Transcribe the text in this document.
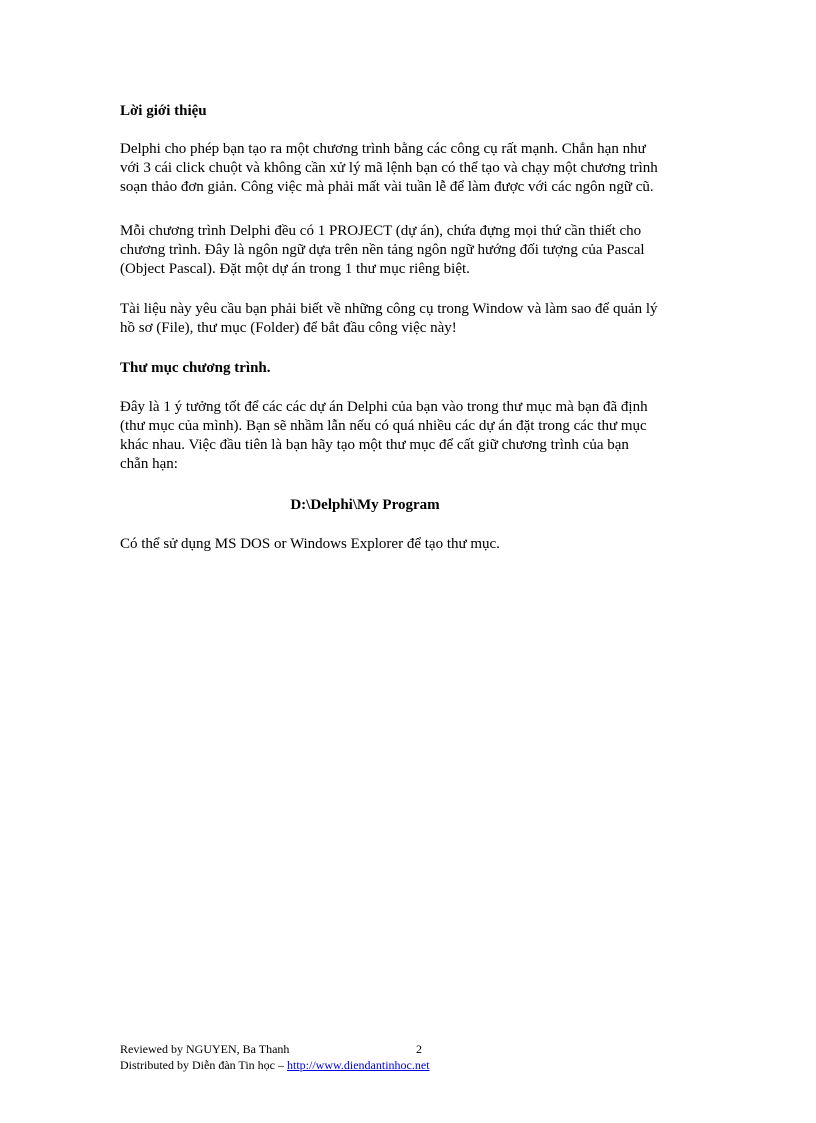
Lời giới thiệu
Delphi cho phép bạn tạo ra một chương trình bằng các công cụ rất mạnh. Chẳn hạn như
với 3 cái click chuột và không cần xử lý mã lệnh bạn có thể tạo và chạy một chương trình
soạn thảo đơn giản. Công việc mà phải mất vài tuần lễ để làm được với các ngôn ngữ cũ.
Mỗi chương trình Delphi đều có 1 PROJECT (dự án), chứa đựng mọi thứ cần thiết cho
chương trình. Đây là ngôn ngữ dựa trên nền tảng ngôn ngữ hướng đối tượng của Pascal
(Object Pascal). Đặt một dự án trong 1 thư mục riêng biệt.
Tài liệu này yêu cầu bạn phải biết về những công cụ trong Window và làm sao để quản lý
hồ sơ (File), thư mục (Folder) để bắt đầu công việc này!
Thư mục chương trình.
Đây là 1 ý tưởng tốt để các các dự án Delphi của bạn vào trong thư mục mà bạn đã định
(thư mục của mình). Bạn sẽ nhầm lẫn nếu có quá nhiều các dự án đặt trong các thư mục
khác nhau. Việc đầu tiên là bạn hãy tạo một thư mục để cất giữ chương trình của bạn
chẵn hạn:
D:\Delphi\My Program
Có thể sử dụng MS DOS or Windows Explorer để tạo thư mục.
Reviewed by NGUYEN, Ba Thanh	2
Distributed by Diễn đàn Tin học – http://www.diendantinhoc.net
